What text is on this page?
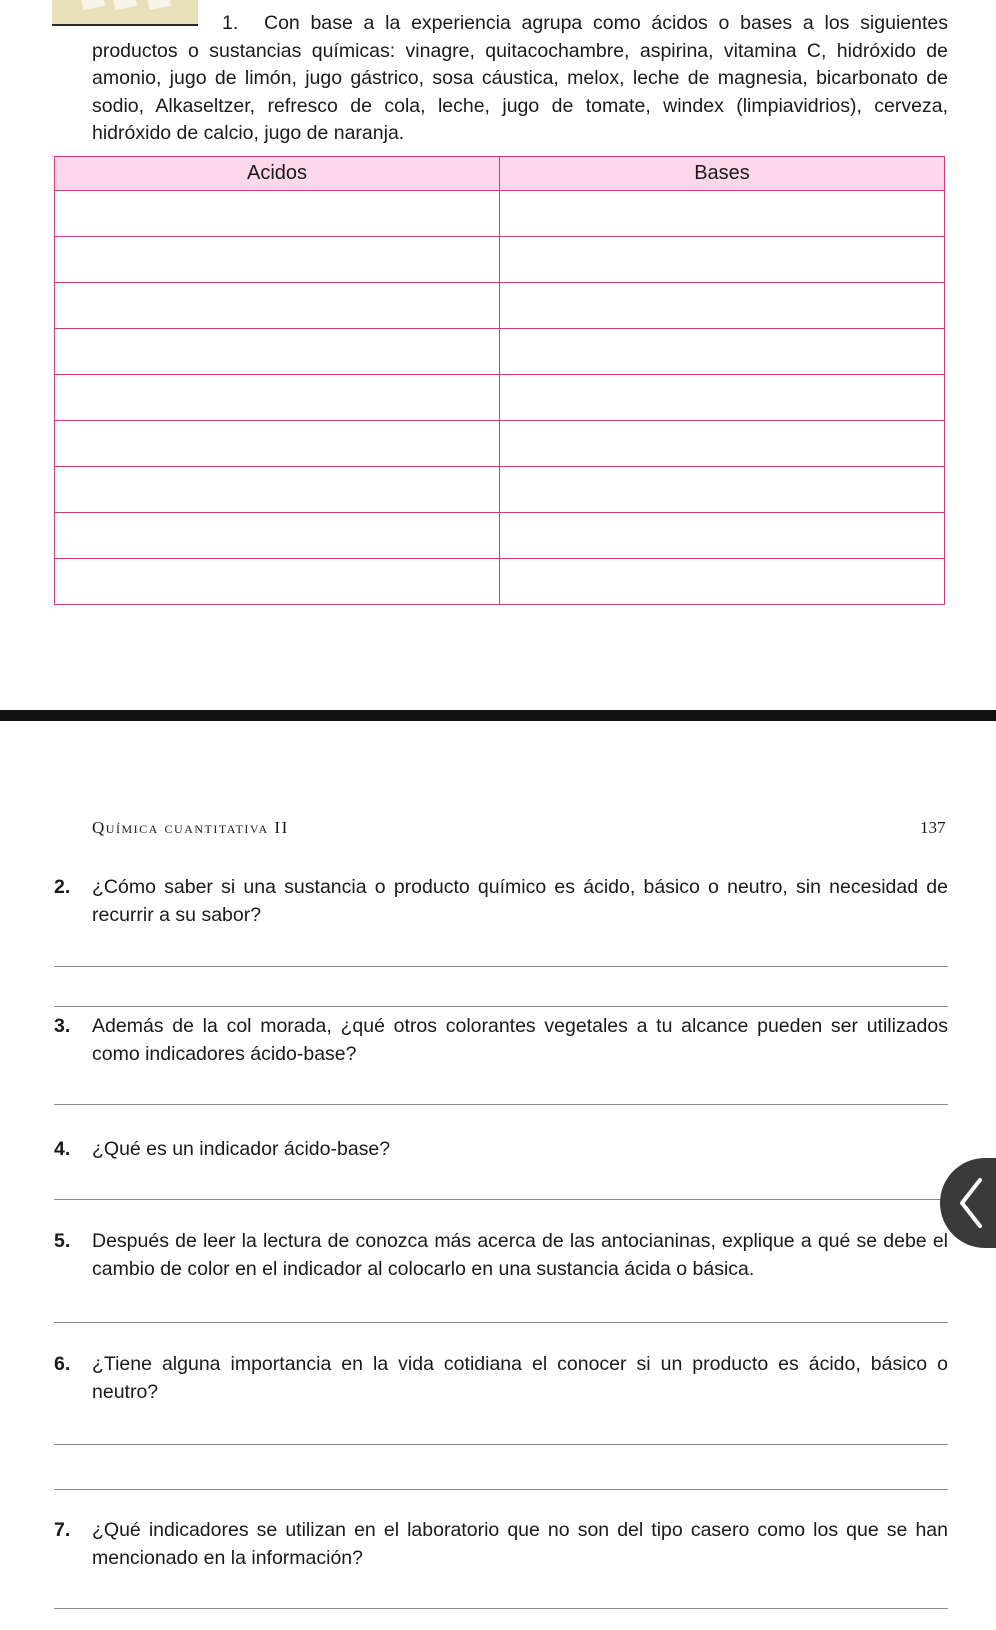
1. Con base a la experiencia agrupa como ácidos o bases a los siguientes productos o sustancias químicas: vinagre, quitacochambre, aspirina, vitamina C, hidróxido de amonio, jugo de limón, jugo gástrico, sosa cáustica, melox, leche de magnesia, bicarbonato de sodio, Alkaseltzer, refresco de cola, leche, jugo de tomate, windex (limpiavidrios), cerveza, hidróxido de calcio, jugo de naranja.
Acidos	Bases

Química cuantitativa II	137
2. ¿Cómo saber si una sustancia o producto químico es ácido, básico o neutro, sin necesidad de recurrir a su sabor?
3. Además de la col morada, ¿qué otros colorantes vegetales a tu alcance pueden ser utilizados como indicadores ácido-base?
4. ¿Qué es un indicador ácido-base?
5. Después de leer la lectura de conozca más acerca de las antocianinas, explique a qué se debe el cambio de color en el indicador al colocarlo en una sustancia ácida o básica.
6. ¿Tiene alguna importancia en la vida cotidiana el conocer si un producto es ácido, básico o neutro?
7. ¿Qué indicadores se utilizan en el laboratorio que no son del tipo casero como los que se han mencionado en la información?
